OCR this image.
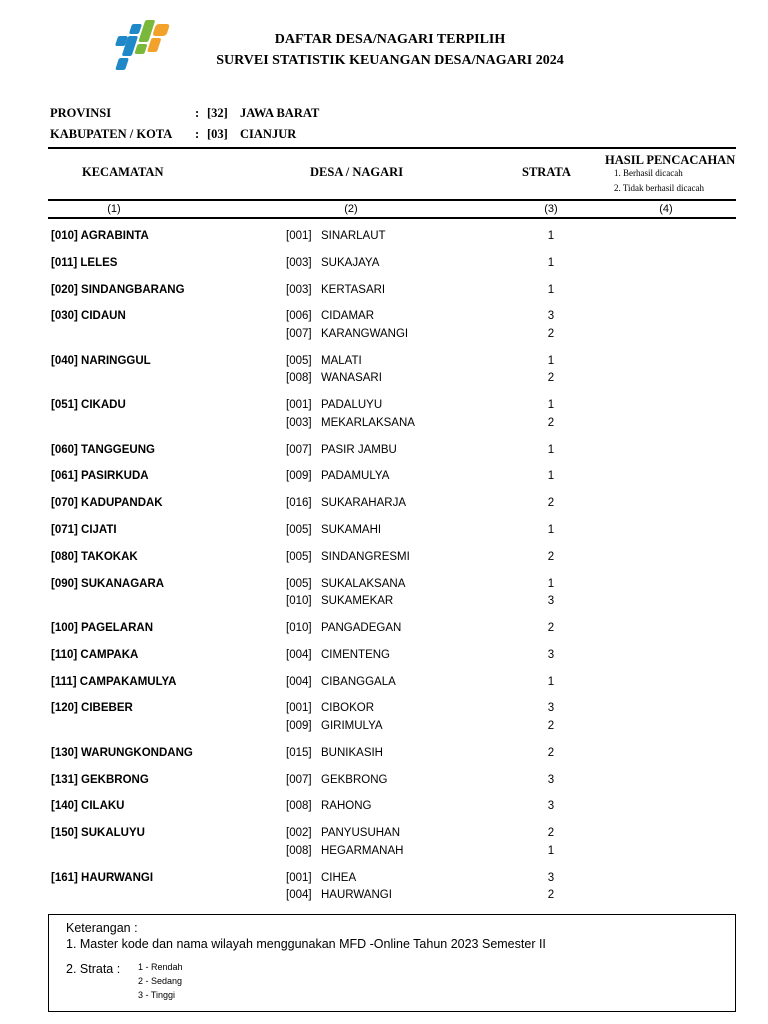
DAFTAR DESA/NAGARI TERPILIH
SURVEI STATISTIK KEUANGAN DESA/NAGARI 2024
PROVINSI	: [32] JAWA BARAT
KABUPATEN / KOTA : [03] CIANJUR
KECAMATAN	DESA / NAGARI	STRATA
HASIL PENCACAHAN
1. Berhasil dicacah
2. Tidak berhasil dicacah
(1)	(2)	(3)	(4)
[010] AGRABINTA	[001] SINARLAUT	1
[011] LELES	[003] SUKAJAYA	1
[020] SINDANGBARANG	[003] KERTASARI	1
[030] CIDAUN	[006] CIDAMAR	3
[007] KARANGWANGI	2
[040] NARINGGUL	[005] MALATI	1
[008] WANASARI	2
[051] CIKADU	[001] PADALUYU	1
[003] MEKARLAKSANA	2
[060] TANGGEUNG	[007] PASIR JAMBU	1
[061] PASIRKUDA	[009] PADAMULYA	1
[070] KADUPANDAK	[016] SUKARAHARJA	2
[071] CIJATI	[005] SUKAMAHI	1
[080] TAKOKAK	[005] SINDANGRESMI	2
[090] SUKANAGARA	[005] SUKALAKSANA	1
[010] SUKAMEKAR	3
[100] PAGELARAN	[010] PANGADEGAN	2
[110] CAMPAKA	[004] CIMENTENG	3
[111] CAMPAKAMULYA	[004] CIBANGGALA	1
[120] CIBEBER	[001] CIBOKOR	3
[009] GIRIMULYA	2
[130] WARUNGKONDANG	[015] BUNIKASIH	2
[131] GEKBRONG	[007] GEKBRONG	3
[140] CILAKU	[008] RAHONG	3
[150] SUKALUYU	[002] PANYUSUHAN	2
[008] HEGARMANAH	1
[161] HAURWANGI	[001] CIHEA	3
[004] HAURWANGI	2
Keterangan :
1. Master kode dan nama wilayah menggunakan MFD -Online Tahun 2023 Semester II
2. Strata : 1 - Rendah
2 - Sedang
3 - Tinggi
